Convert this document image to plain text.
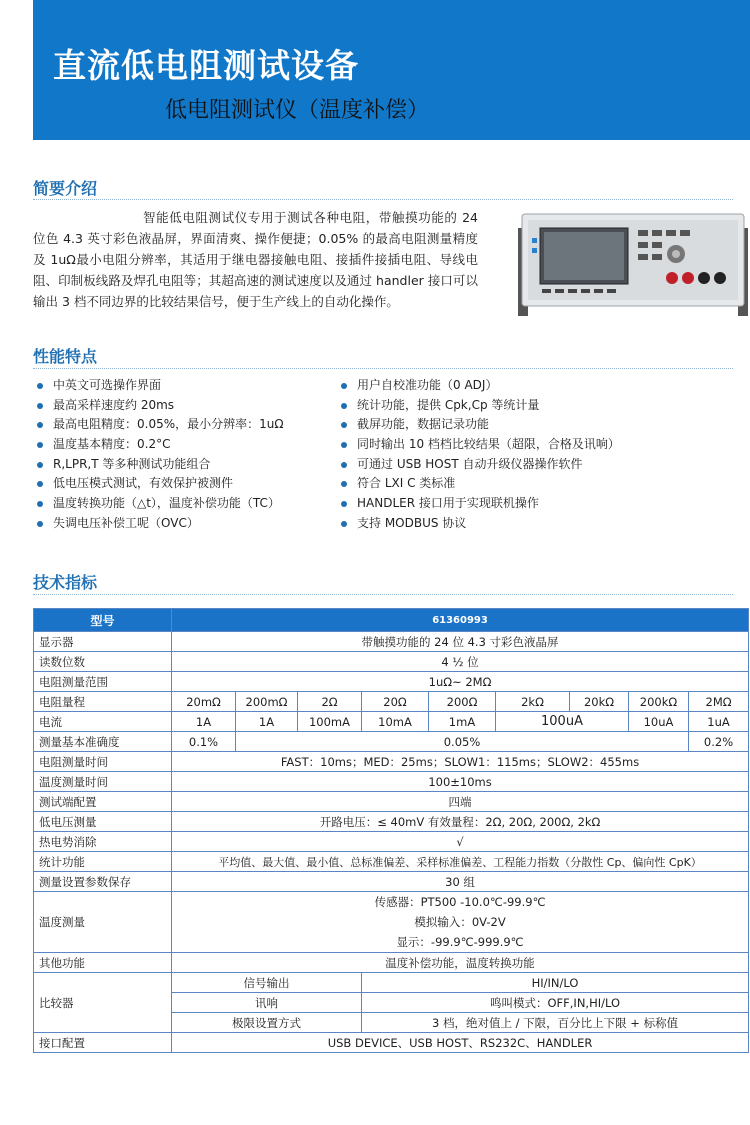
直流低电阻测试设备
低电阻测试仪（温度补偿）
简要介绍
智能低电阻测试仪专用于测试各种电阻，带触摸功能的 24 位色 4.3 英寸彩色液晶屏，界面清爽、操作便捷；0.05% 的最高电阻测量精度及 1uΩ最小电阻分辨率，其适用于继电器接触电阻、接插件接插电阻、导线电阻、印制板线路及焊孔电阻等；其超高速的测试速度以及通过 handler 接口可以输出 3 档不同边界的比较结果信号，便于生产线上的自动化操作。
性能特点
中英文可选操作界面
最高采样速度约 20ms
最高电阻精度：0.05%，最小分辨率：1uΩ
温度基本精度：0.2°C
R,LPR,T 等多种测试功能组合
低电压模式测试，有效保护被测件
温度转换功能（△t），温度补偿功能（TC）
失调电压补偿工呢（OVC）
用户自校准功能（0 ADJ）
统计功能，提供 Cpk,Cp 等统计量
截屏功能，数据记录功能
同时输出 10 档档比较结果（超限，合格及讯响）
可通过 USB HOST 自动升级仪器操作软件
符合 LXI C 类标准
HANDLER 接口用于实现联机操作
支持 MODBUS 协议
技术指标
型号	61360993								
显示器	带触摸功能的 24 位 4.3 寸彩色液晶屏								
读数位数	4 ½ 位								
电阻测量范围	1uΩ~ 2MΩ								
电阻量程	20mΩ	200mΩ	2Ω	20Ω	200Ω	2kΩ	20kΩ	200kΩ	2MΩ
电流	1A	1A	100mA	10mA	1mA	100uA		10uA	1uA
测量基本准确度	0.1%	0.05%							0.2%
电阻测量时间	FAST：10ms；MED：25ms；SLOW1：115ms；SLOW2：455ms								
温度测量时间	100±10ms								
测试端配置	四端								
低电压测量	开路电压：≤ 40mV 有效量程：2Ω, 20Ω, 200Ω, 2kΩ								
热电势消除	√								
统计功能	平均值、最大值、最小值、总标准偏差、采样标准偏差、工程能力指数（分散性 Cp、偏向性 CpK）								
测量设置参数保存	30 组								
温度测量	传感器：PT500 -10.0℃-99.9℃
模拟输入：0V-2V
显示：-99.9℃-999.9℃								

其他功能	温度补偿功能，温度转换功能								
比较器	信号输出			HI/IN/LO					
	讯响			鸣叫模式：OFF,IN,HI/LO					
	极限设置方式			3 档，绝对值上 / 下限，百分比上下限 + 标称值					
接口配置	USB DEVICE、USB HOST、RS232C、HANDLER								
